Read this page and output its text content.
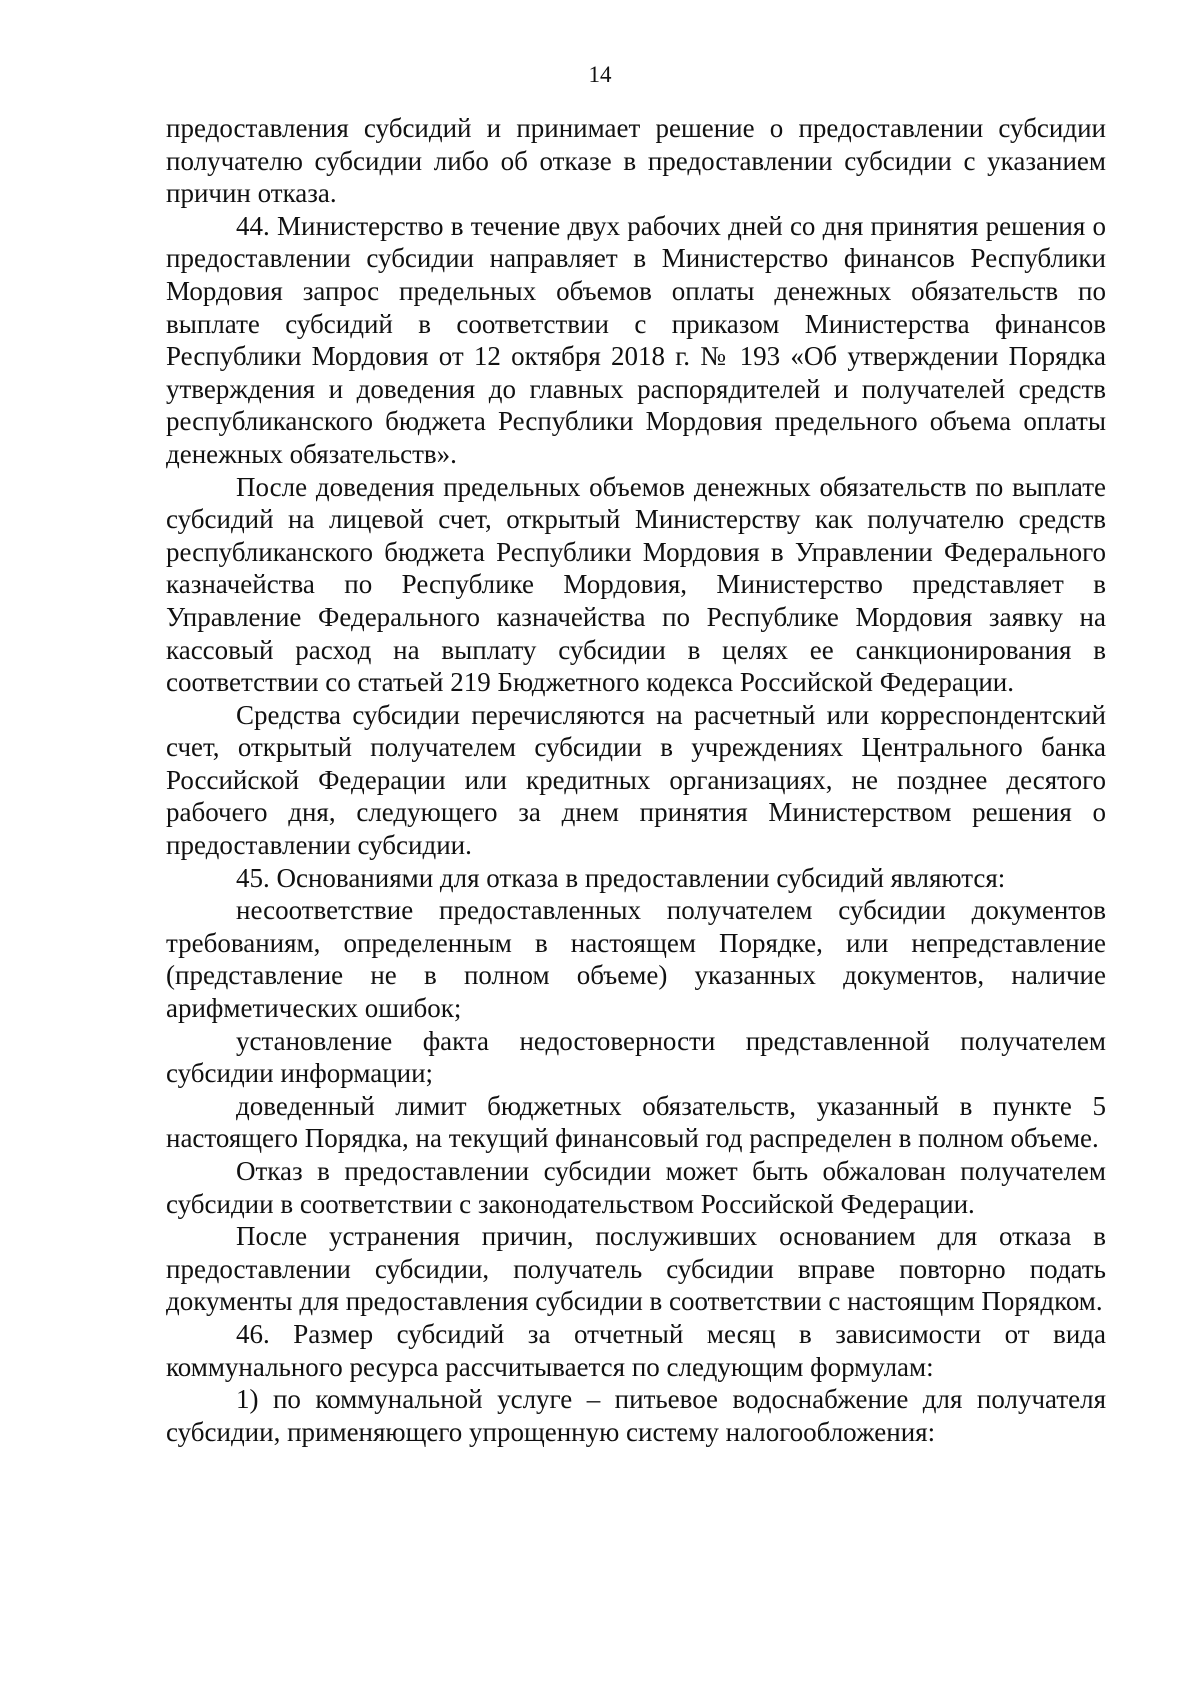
14

предоставления субсидий и принимает решение о предоставлении субсидии получателю субсидии либо об отказе в предоставлении субсидии с указанием причин отказа.

44. Министерство в течение двух рабочих дней со дня принятия решения о предоставлении субсидии направляет в Министерство финансов Республики Мордовия запрос предельных объемов оплаты денежных обязательств по выплате субсидий в соответствии с приказом Министерства финансов Республики Мордовия от 12 октября 2018 г. № 193 «Об утверждении Порядка утверждения и доведения до главных распорядителей и получателей средств республиканского бюджета Республики Мордовия предельного объема оплаты денежных обязательств».

После доведения предельных объемов денежных обязательств по выплате субсидий на лицевой счет, открытый Министерству как получателю средств республиканского бюджета Республики Мордовия в Управлении Федерального казначейства по Республике Мордовия, Министерство представляет в Управление Федерального казначейства по Республике Мордовия заявку на кассовый расход на выплату субсидии в целях ее санкционирования в соответствии со статьей 219 Бюджетного кодекса Российской Федерации.

Средства субсидии перечисляются на расчетный или корреспондентский счет, открытый получателем субсидии в учреждениях Центрального банка Российской Федерации или кредитных организациях, не позднее десятого рабочего дня, следующего за днем принятия Министерством решения о предоставлении субсидии.

45. Основаниями для отказа в предоставлении субсидий являются:

несоответствие предоставленных получателем субсидии документов требованиям, определенным в настоящем Порядке, или непредставление (представление не в полном объеме) указанных документов, наличие арифметических ошибок;

установление факта недостоверности представленной получателем субсидии информации;

доведенный лимит бюджетных обязательств, указанный в пункте 5 настоящего Порядка, на текущий финансовый год распределен в полном объеме.

Отказ в предоставлении субсидии может быть обжалован получателем субсидии в соответствии с законодательством Российской Федерации.

После устранения причин, послуживших основанием для отказа в предоставлении субсидии, получатель субсидии вправе повторно подать документы для предоставления субсидии в соответствии с настоящим Порядком.

46. Размер субсидий за отчетный месяц в зависимости от вида коммунального ресурса рассчитывается по следующим формулам:

1) по коммунальной услуге – питьевое водоснабжение для получателя субсидии, применяющего упрощенную систему налогообложения:
